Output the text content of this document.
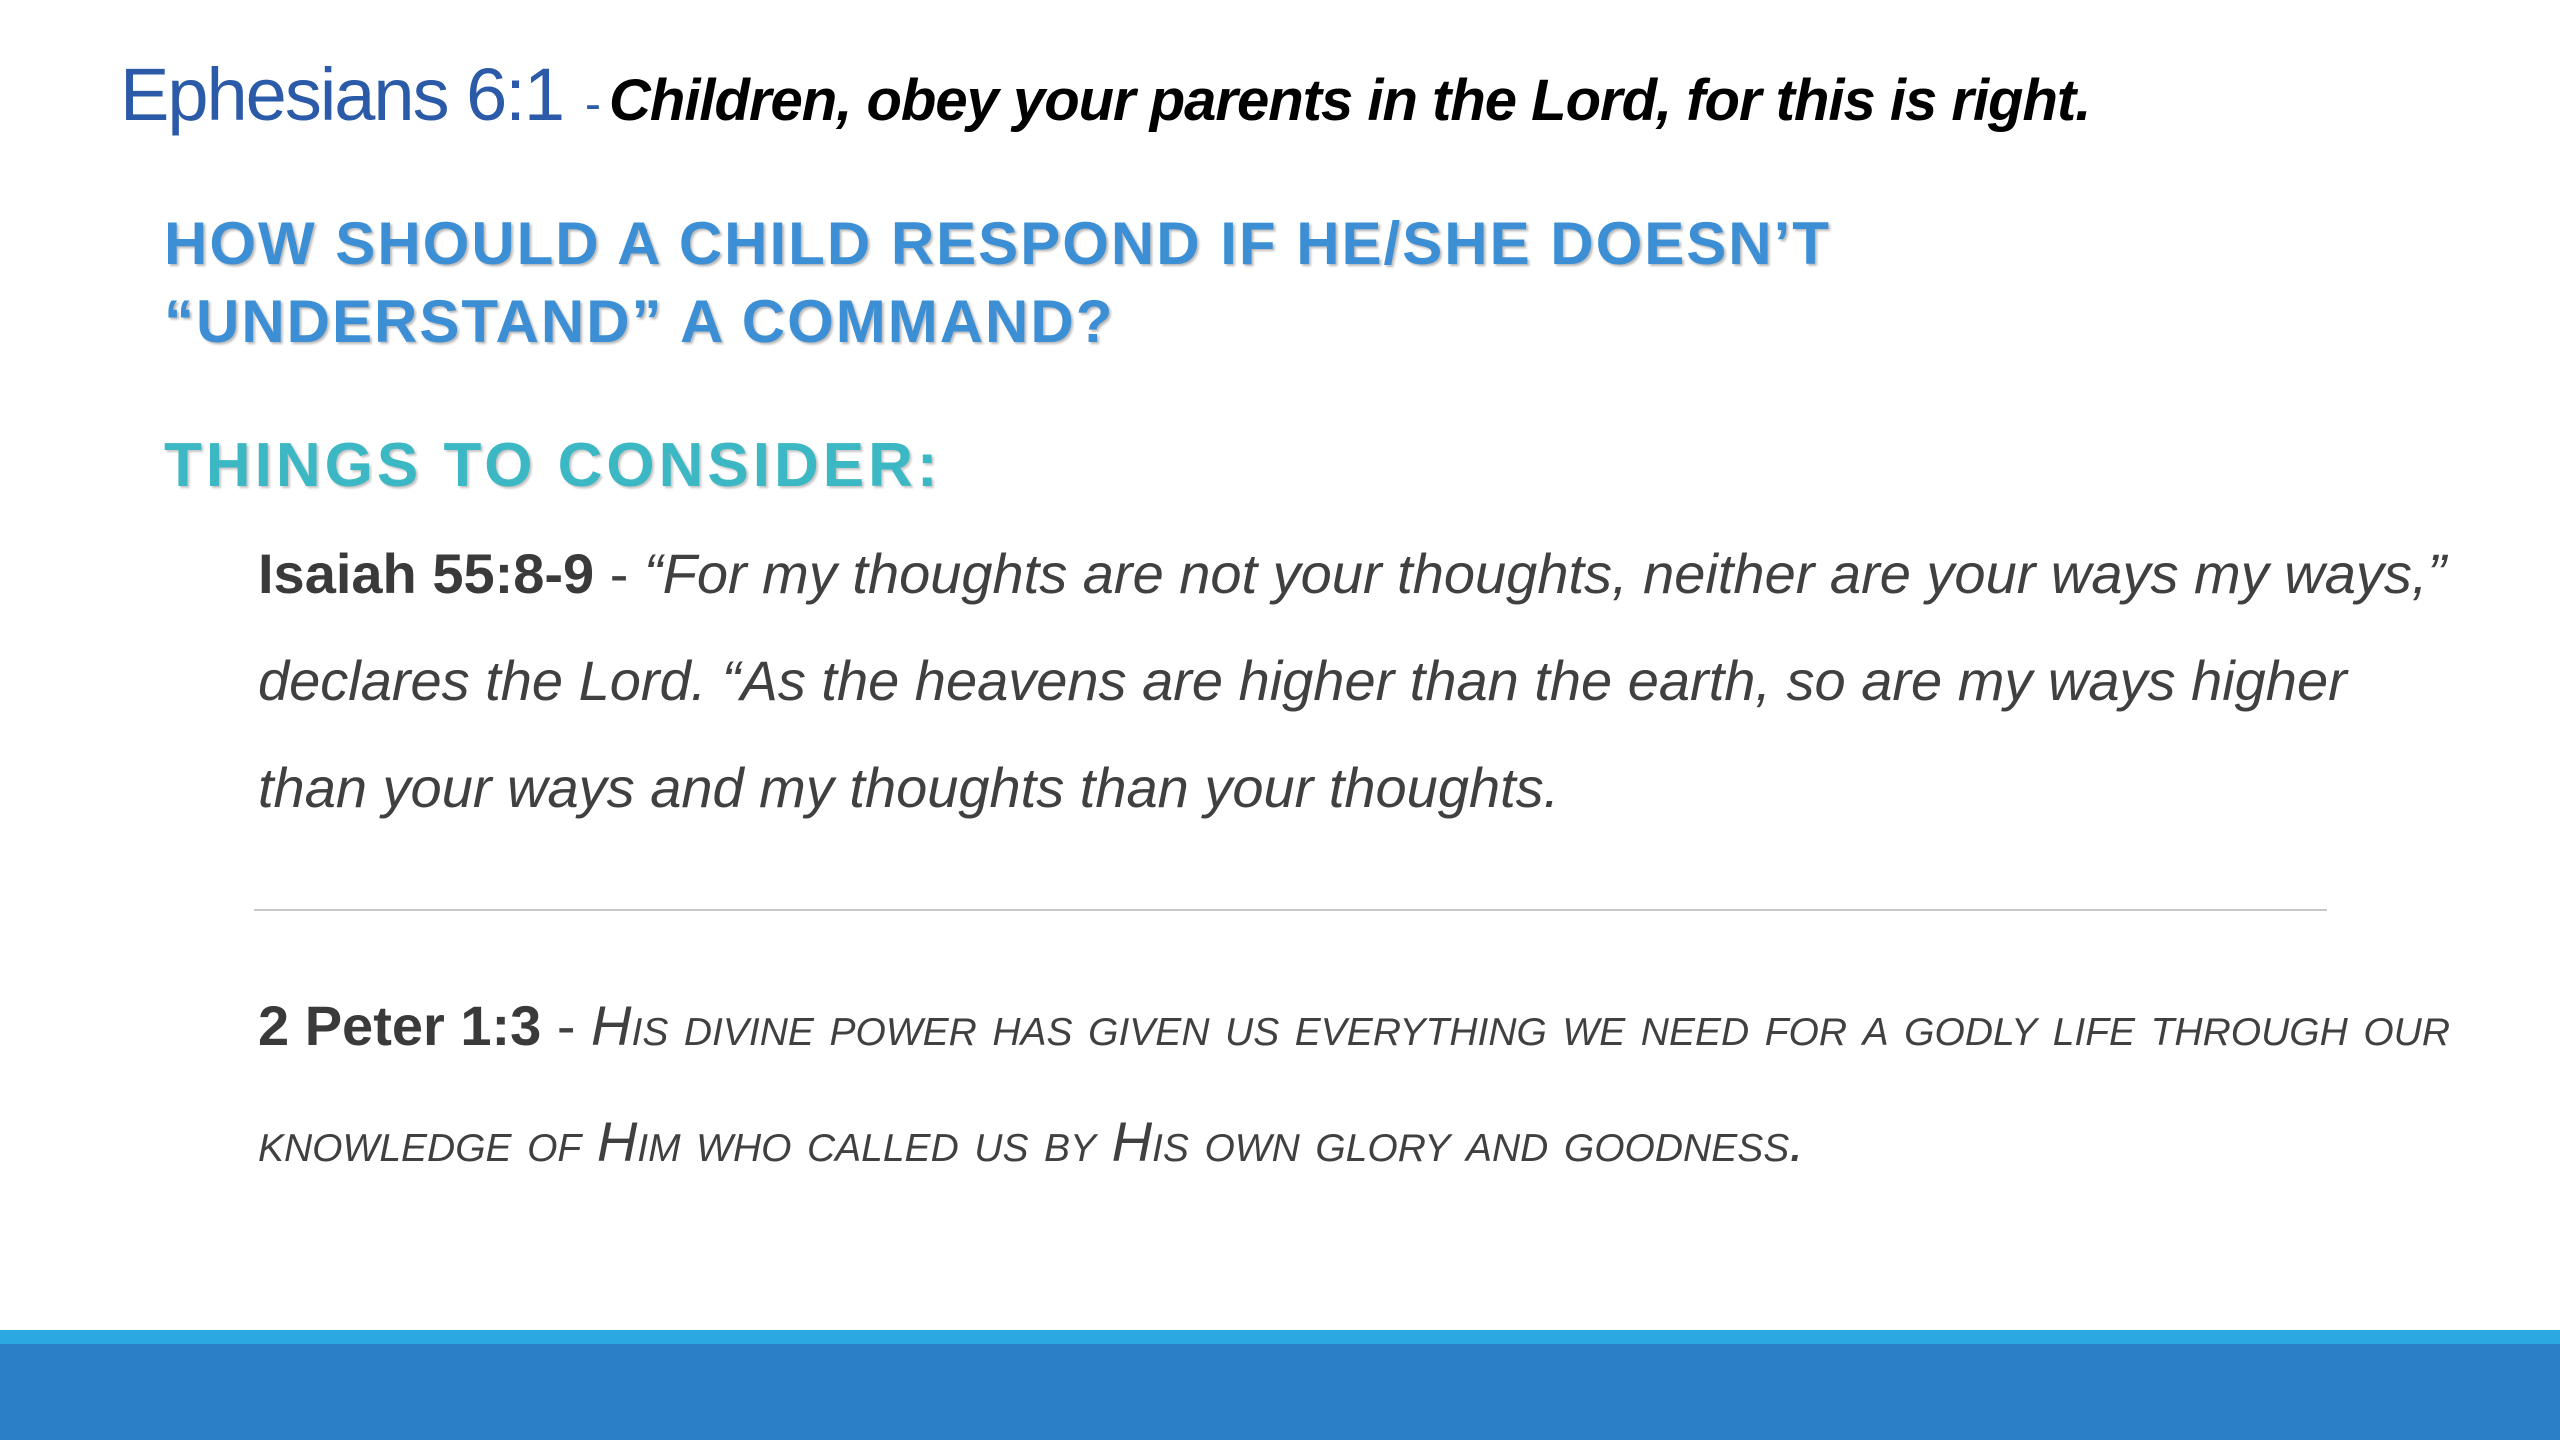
Ephesians 6:1 - Children, obey your parents in the Lord, for this is right.
HOW SHOULD A CHILD RESPOND IF HE/SHE DOESN’T
“UNDERSTAND” A COMMAND?
THINGS TO CONSIDER:
Isaiah 55:8-9 - “For my thoughts are not your thoughts, neither are your ways my ways,” declares the Lord. “As the heavens are higher than the earth, so are my ways higher than your ways and my thoughts than your thoughts.
2 Peter 1:3 - His divine power has given us everything we need for a godly life through our knowledge of Him who called us by His own glory and goodness.
